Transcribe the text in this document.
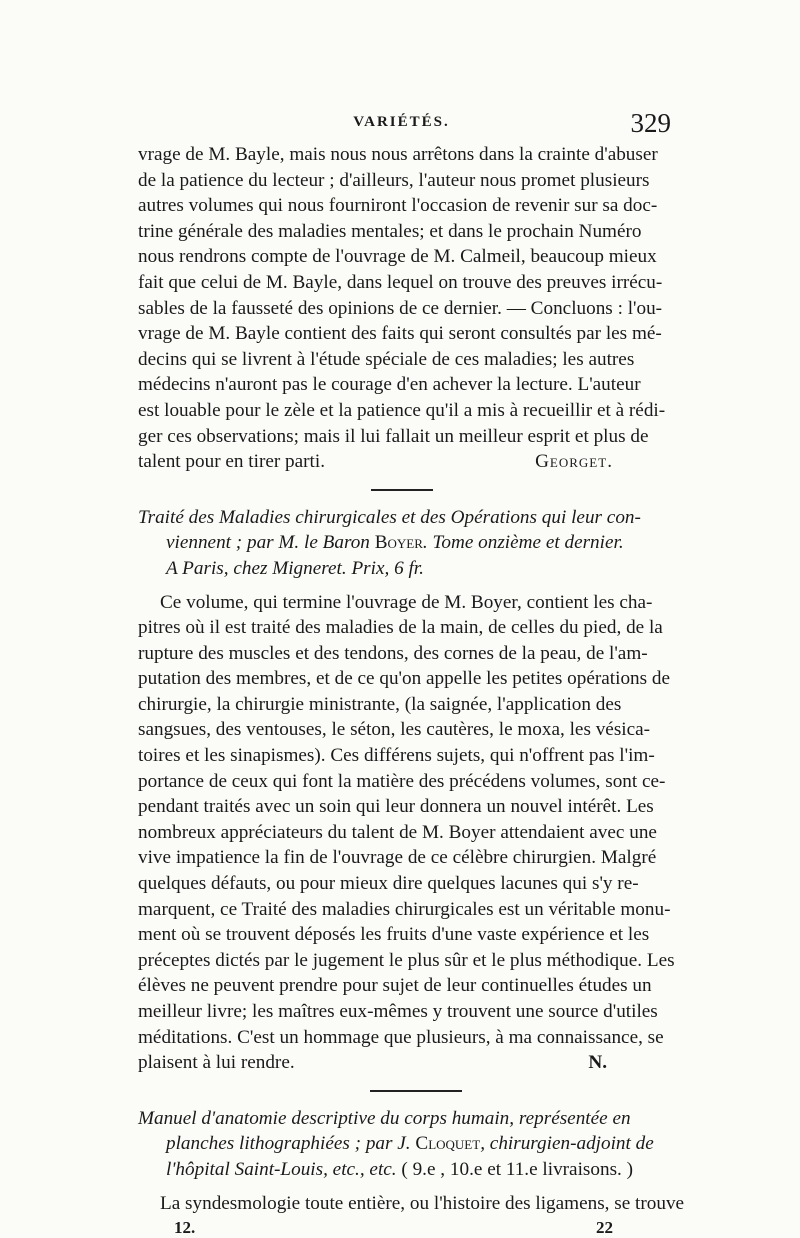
VARIÉTÉS.	329
vrage de M. Bayle, mais nous nous arrêtons dans la crainte d'abuser
de la patience du lecteur ; d'ailleurs, l'auteur nous promet plusieurs
autres volumes qui nous fourniront l'occasion de revenir sur sa doc-
trine générale des maladies mentales; et dans le prochain Numéro
nous rendrons compte de l'ouvrage de M. Calmeil, beaucoup mieux
fait que celui de M. Bayle, dans lequel on trouve des preuves irrécu-
sables de la fausseté des opinions de ce dernier. — Concluons : l'ou-
vrage de M. Bayle contient des faits qui seront consultés par les mé-
decins qui se livrent à l'étude spéciale de ces maladies; les autres
médecins n'auront pas le courage d'en achever la lecture. L'auteur
est louable pour le zèle et la patience qu'il a mis à recueillir et à rédi-
ger ces observations; mais il lui fallait un meilleur esprit et plus de
talent pour en tirer parti.	Georget.
Traité des Maladies chirurgicales et des Opérations qui leur con-
viennent ; par M. le Baron Boyer. Tome onzième et dernier.
A Paris, chez Migneret. Prix, 6 fr.
Ce volume, qui termine l'ouvrage de M. Boyer, contient les cha-
pitres où il est traité des maladies de la main, de celles du pied, de la
rupture des muscles et des tendons, des cornes de la peau, de l'am-
putation des membres, et de ce qu'on appelle les petites opérations de
chirurgie, la chirurgie ministrante, (la saignée, l'application des
sangsues, des ventouses, le séton, les cautères, le moxa, les vésica-
toires et les sinapismes). Ces différens sujets, qui n'offrent pas l'im-
portance de ceux qui font la matière des précédens volumes, sont ce-
pendant traités avec un soin qui leur donnera un nouvel intérêt. Les
nombreux appréciateurs du talent de M. Boyer attendaient avec une
vive impatience la fin de l'ouvrage de ce célèbre chirurgien. Malgré
quelques défauts, ou pour mieux dire quelques lacunes qui s'y re-
marquent, ce Traité des maladies chirurgicales est un véritable monu-
ment où se trouvent déposés les fruits d'une vaste expérience et les
préceptes dictés par le jugement le plus sûr et le plus méthodique. Les
élèves ne peuvent prendre pour sujet de leur continuelles études un
meilleur livre; les maîtres eux-mêmes y trouvent une source d'utiles
méditations. C'est un hommage que plusieurs, à ma connaissance, se
plaisent à lui rendre.	N.
Manuel d'anatomie descriptive du corps humain, représentée en
planches lithographiées ; par J. Cloquet, chirurgien-adjoint de
l'hôpital Saint-Louis, etc., etc. ( 9.e , 10.e et 11.e livraisons. )
La syndesmologie toute entière, ou l'histoire des ligamens, se trouve
12.	22
